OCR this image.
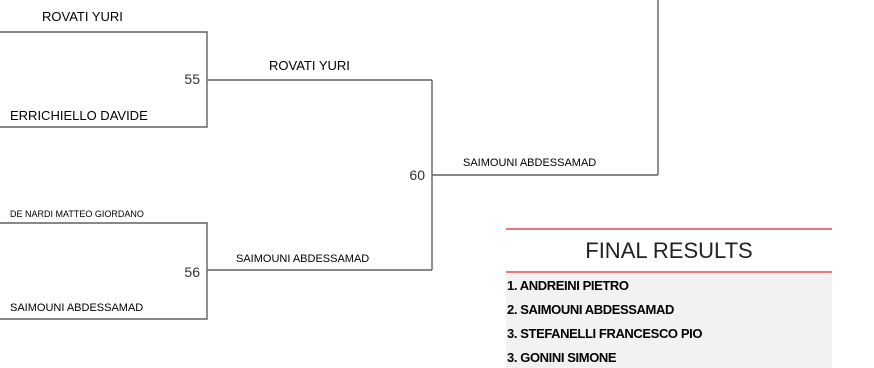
ROVATI YURI
ERRICHIELLO DAVIDE
55
ROVATI YURI
DE NARDI MATTEO GIORDANO
SAIMOUNI ABDESSAMAD
56
SAIMOUNI ABDESSAMAD
60
SAIMOUNI ABDESSAMAD
FINAL RESULTS
1. ANDREINI PIETRO
2. SAIMOUNI ABDESSAMAD
3. STEFANELLI FRANCESCO PIO
3. GONINI SIMONE
